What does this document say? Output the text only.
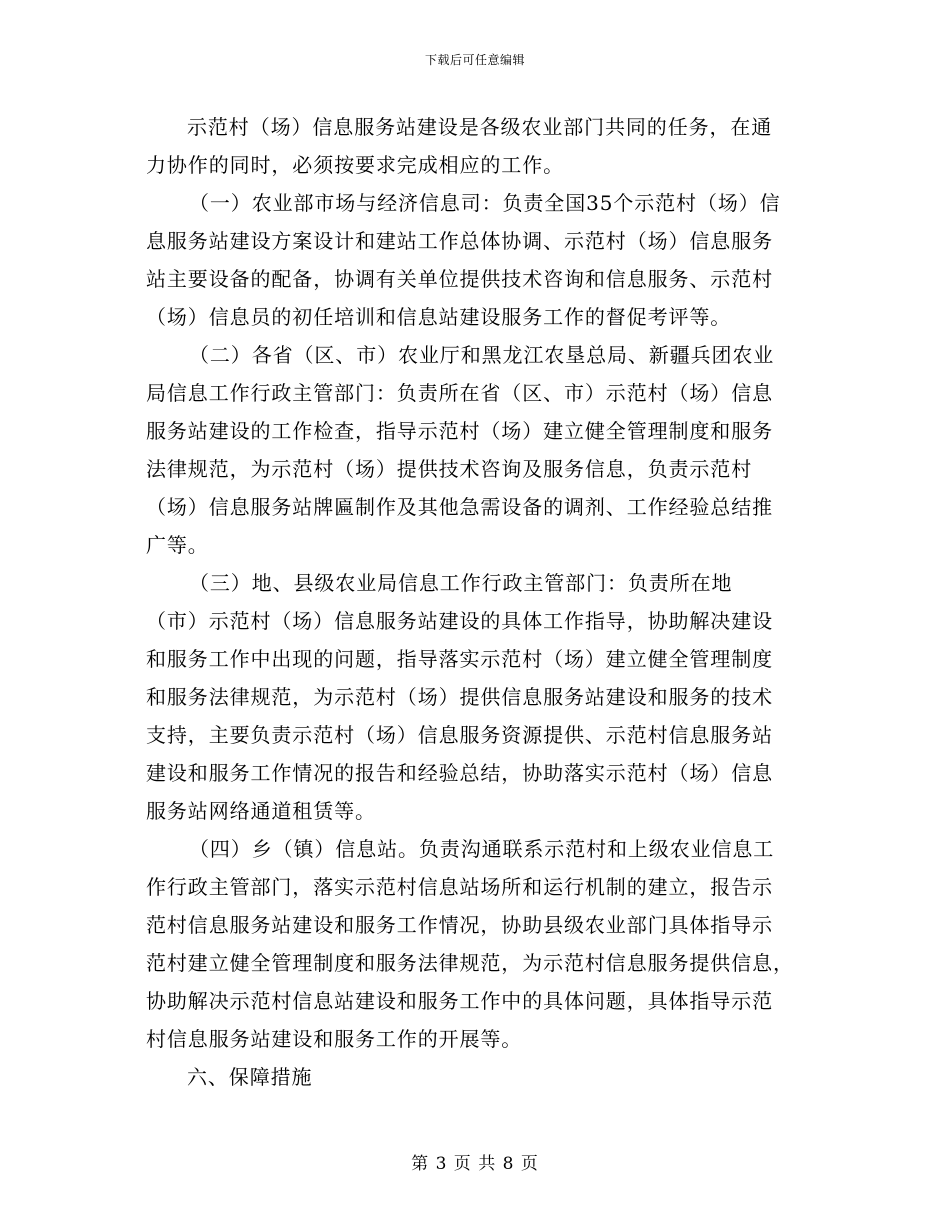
下载后可任意编辑
示范村（场）信息服务站建设是各级农业部门共同的任务，在通
力协作的同时，必须按要求完成相应的工作。
（一）农业部市场与经济信息司：负责全国35个示范村（场）信
息服务站建设方案设计和建站工作总体协调、示范村（场）信息服务
站主要设备的配备，协调有关单位提供技术咨询和信息服务、示范村
（场）信息员的初任培训和信息站建设服务工作的督促考评等。
（二）各省（区、市）农业厅和黑龙江农垦总局、新疆兵团农业
局信息工作行政主管部门：负责所在省（区、市）示范村（场）信息
服务站建设的工作检查，指导示范村（场）建立健全管理制度和服务
法律规范，为示范村（场）提供技术咨询及服务信息，负责示范村
（场）信息服务站牌匾制作及其他急需设备的调剂、工作经验总结推
广等。
（三）地、县级农业局信息工作行政主管部门：负责所在地
（市）示范村（场）信息服务站建设的具体工作指导，协助解决建设
和服务工作中出现的问题，指导落实示范村（场）建立健全管理制度
和服务法律规范，为示范村（场）提供信息服务站建设和服务的技术
支持，主要负责示范村（场）信息服务资源提供、示范村信息服务站
建设和服务工作情况的报告和经验总结，协助落实示范村（场）信息
服务站网络通道租赁等。
（四）乡（镇）信息站。负责沟通联系示范村和上级农业信息工
作行政主管部门，落实示范村信息站场所和运行机制的建立，报告示
范村信息服务站建设和服务工作情况，协助县级农业部门具体指导示
范村建立健全管理制度和服务法律规范，为示范村信息服务提供信息，
协助解决示范村信息站建设和服务工作中的具体问题，具体指导示范
村信息服务站建设和服务工作的开展等。
六、保障措施
第 3 页 共 8 页
